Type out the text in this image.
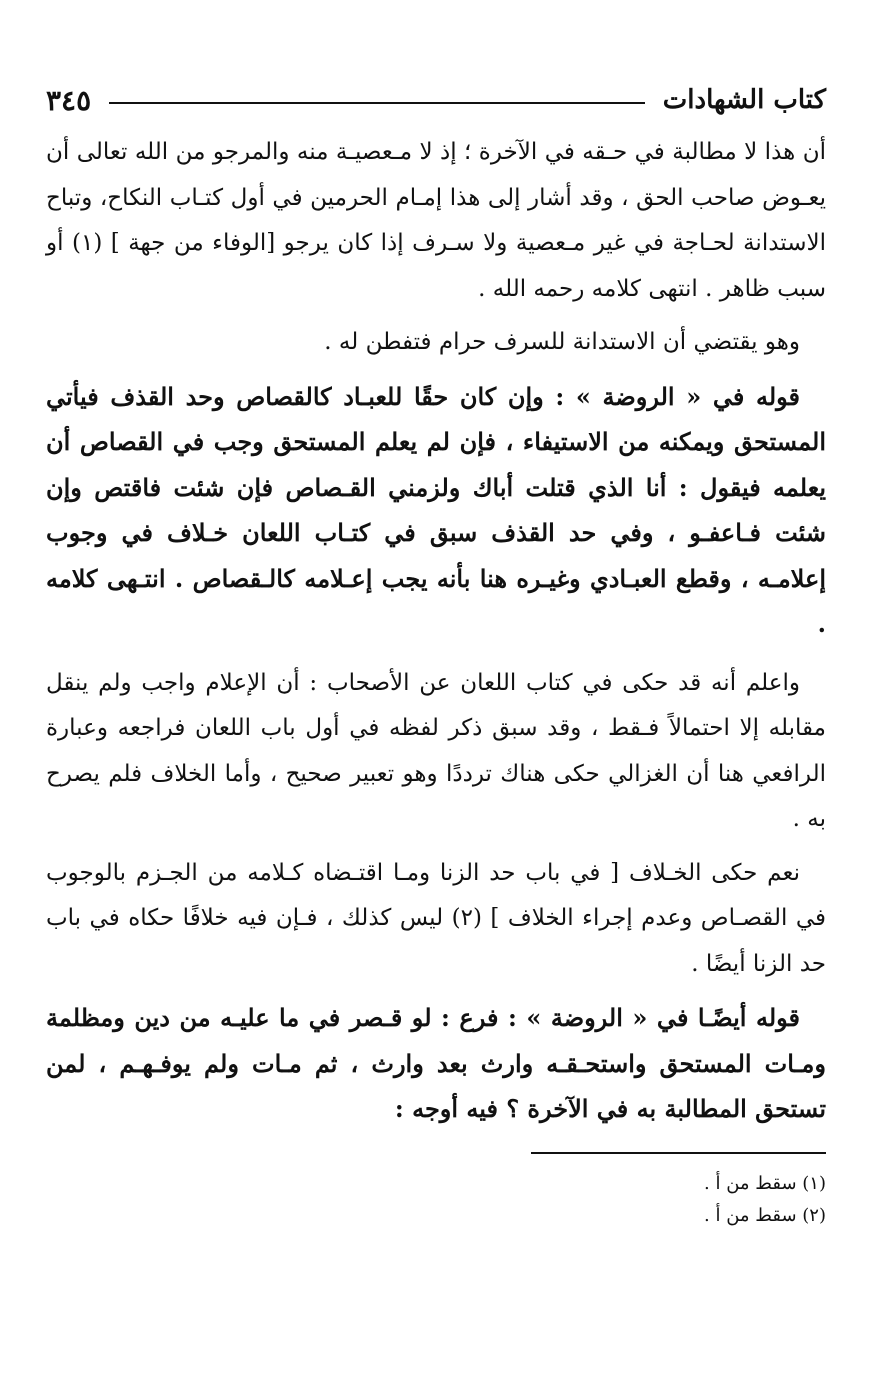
كتاب الشهادات
٣٤٥

أن هذا لا مطالبة في حـقه في الآخرة ؛ إذ لا مـعصيـة منه والمرجو من الله تعالى أن يعـوض صاحب الحق ، وقد أشار إلى هذا إمـام الحرمين في أول كتـاب النكاح، وتباح الاستدانة لحـاجة في غير مـعصية ولا سـرف إذا كان يرجو [الوفاء من جهة ] (١) أو سبب ظاهر . انتهى كلامه رحمه الله .

وهو يقتضي أن الاستدانة للسرف حرام فتفطن له .

قوله في « الروضة » : وإن كان حقًا للعبـاد كالقصاص وحد القذف فيأتي المستحق ويمكنه من الاستيفاء ، فإن لم يعلم المستحق وجب في القصاص أن يعلمه فيقول : أنا الذي قتلت أباك ولزمني القـصاص فإن شئت فاقتص وإن شئت فـاعفـو ، وفي حد القذف سبق في كتـاب اللعان خـلاف في وجوب إعلامـه ، وقطع العبـادي وغيـره هنا بأنه يجب إعـلامه كالـقصاص . انتـهى كلامه .

واعلم أنه قد حكى في كتاب اللعان عن الأصحاب : أن الإعلام واجب ولم ينقل مقابله إلا احتمالاً فـقط ، وقد سبق ذكر لفظه في أول باب اللعان فراجعه وعبارة الرافعي هنا أن الغزالي حكى هناك ترددًا وهو تعبير صحيح ، وأما الخلاف فلم يصرح به .

نعم حكى الخـلاف [ في باب حد الزنا ومـا اقتـضاه كـلامه من الجـزم بالوجوب في القصـاص وعدم إجراء الخلاف ] (٢) ليس كذلك ، فـإن فيه خلافًا حكاه في باب حد الزنا أيضًا .

قوله أيضًـا في « الروضة » : فرع : لو قـصر في ما عليـه من دين ومظلمة ومـات المستحق واستحـقـه وارث بعد وارث ، ثم مـات ولم يوفـهـم ، لمن تستحق المطالبة به في الآخرة ؟ فيه أوجه :

(١) سقط من أ .

(٢) سقط من أ .
